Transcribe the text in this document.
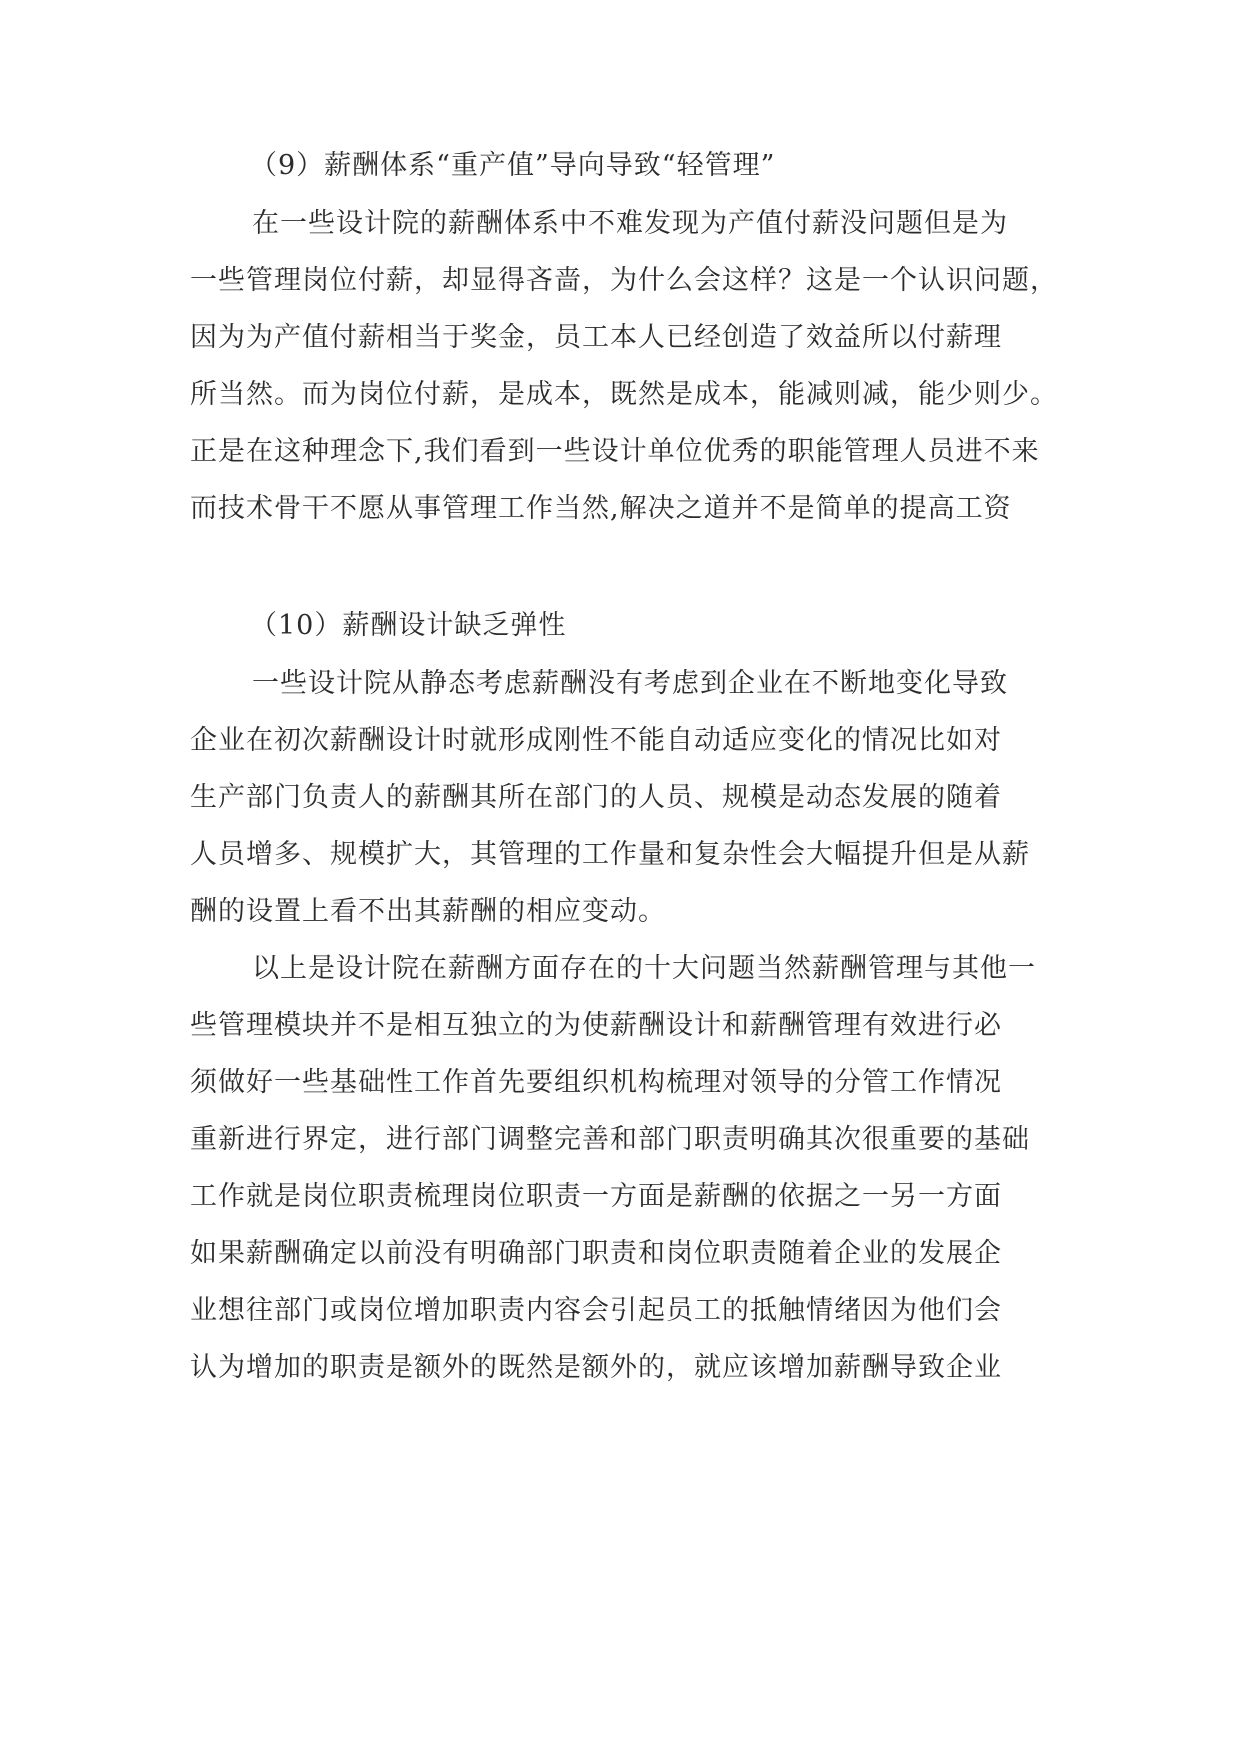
（9）薪酬体系“重产值”导向导致“轻管理”
在一些设计院的薪酬体系中不难发现为产值付薪没问题但是为
一些管理岗位付薪，却显得吝啬，为什么会这样？这是一个认识问题，
因为为产值付薪相当于奖金，员工本人已经创造了效益所以付薪理
所当然。而为岗位付薪，是成本，既然是成本，能减则减，能少则少。
正是在这种理念下,我们看到一些设计单位优秀的职能管理人员进不来
而技术骨干不愿从事管理工作当然,解决之道并不是简单的提高工资
（10）薪酬设计缺乏弹性
一些设计院从静态考虑薪酬没有考虑到企业在不断地变化导致
企业在初次薪酬设计时就形成刚性不能自动适应变化的情况比如对
生产部门负责人的薪酬其所在部门的人员、规模是动态发展的随着
人员增多、规模扩大，其管理的工作量和复杂性会大幅提升但是从薪
酬的设置上看不出其薪酬的相应变动。
以上是设计院在薪酬方面存在的十大问题当然薪酬管理与其他一
些管理模块并不是相互独立的为使薪酬设计和薪酬管理有效进行必
须做好一些基础性工作首先要组织机构梳理对领导的分管工作情况
重新进行界定，进行部门调整完善和部门职责明确其次很重要的基础
工作就是岗位职责梳理岗位职责一方面是薪酬的依据之一另一方面
如果薪酬确定以前没有明确部门职责和岗位职责随着企业的发展企
业想往部门或岗位增加职责内容会引起员工的抵触情绪因为他们会
认为增加的职责是额外的既然是额外的，就应该增加薪酬导致企业
